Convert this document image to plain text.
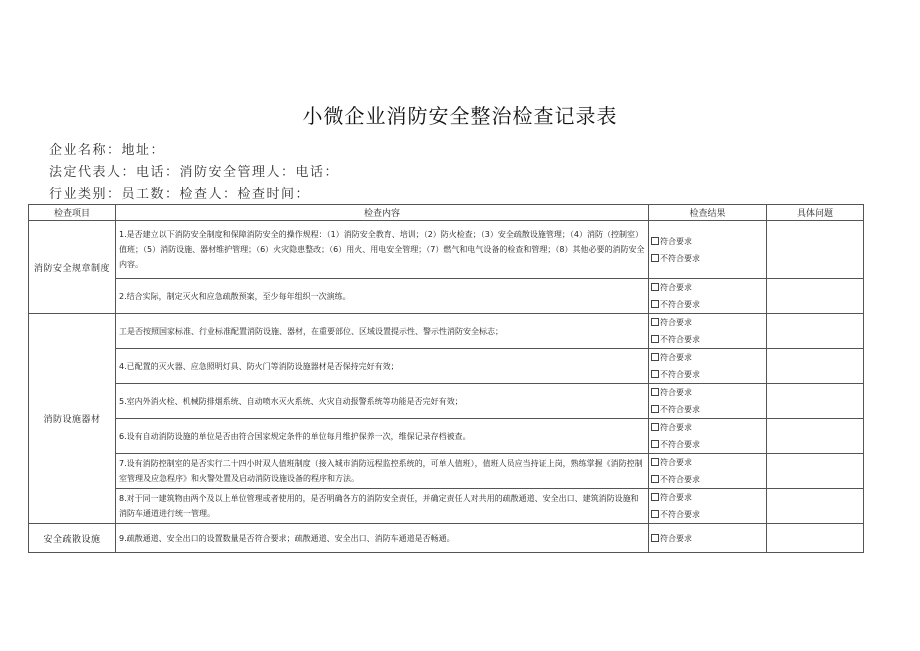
小微企业消防安全整治检查记录表
企业名称：地址：
法定代表人：电话：消防安全管理人：电话：
行业类别：员工数：检查人：检查时间：
检查项目	检查内容	检查结果	具体问题
消防安全规章制度	1.是否建立以下消防安全制度和保障消防安全的操作规程：（1）消防安全教育、培训；（2）防火检查；（3）安全疏散设施管理；（4）消防（控制室）值班；（5）消防设施、器材维护管理；（6）火灾隐患整改；（6）用火、用电安全管理；（7）燃气和电气设备的检查和管理；（8）其他必要的消防安全内容。	符合要求
不符合要求	

	2.结合实际，制定灭火和应急疏散预案，至少每年组织一次演练。	符合要求
不符合要求	

消防设施器材	工是否按照国家标准、行业标准配置消防设施、器材，在重要部位、区域设置提示性、警示性消防安全标志；	符合要求
不符合要求	

	4.已配置的灭火器、应急照明灯具、防火门等消防设施器材是否保持完好有效；	符合要求
不符合要求	

	5.室内外消火栓、机械防排烟系统、自动喷水灭火系统、火灾自动报警系统等功能是否完好有效；	符合要求
不符合要求	

	6.设有自动消防设施的单位是否由符合国家规定条件的单位每月维护保养一次，维保记录存档被查。	符合要求
不符合要求	

	7.设有消防控制室的是否实行二十四小时双人值班制度（接入城市消防远程监控系统的，可单人值班），值班人员应当持证上岗，熟练掌握《消防控制室管理及应急程序》和火警处置及启动消防设施设备的程序和方法。	符合要求
不符合要求	

	8.对于同一建筑物由两个及以上单位管理或者使用的，是否明确各方的消防安全责任，并确定责任人对共用的疏散通道、安全出口、建筑消防设施和消防车通道进行统一管理。	符合要求
不符合要求	

安全疏散设施	9.疏散通道、安全出口的设置数量是否符合要求；疏散通道、安全出口、消防车通道是否畅通。	符合要求	
